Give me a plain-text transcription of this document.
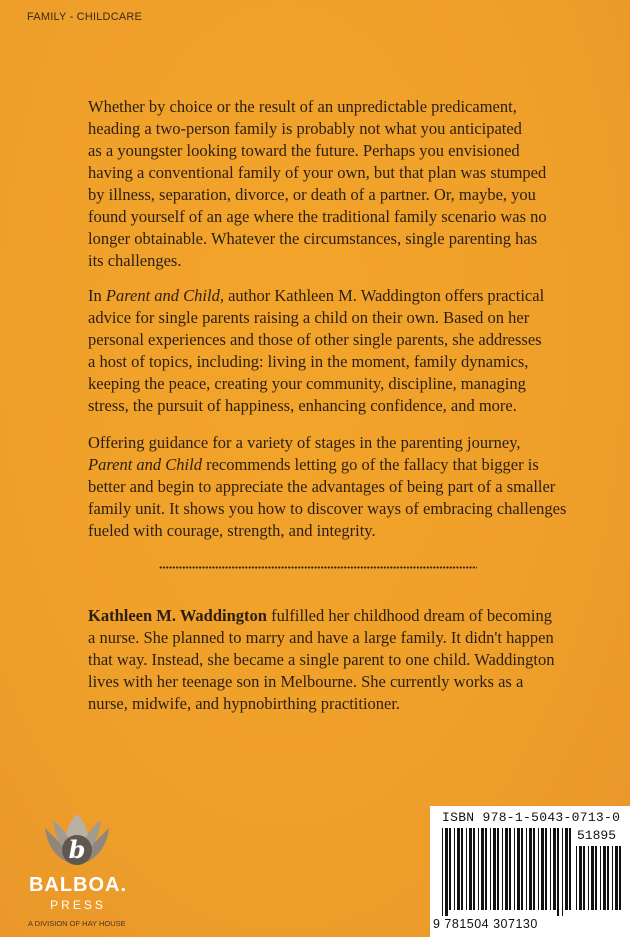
FAMILY - CHILDCARE

Whether by choice or the result of an unpredictable predicament,

heading a two-person family is probably not what you anticipated

as a youngster looking toward the future. Perhaps you envisioned

having a conventional family of your own, but that plan was stumped

by illness, separation, divorce, or death of a partner. Or, maybe, you

found yourself of an age where the traditional family scenario was no

longer obtainable. Whatever the circumstances, single parenting has

its challenges.

In Parent and Child, author Kathleen M. Waddington offers practical

advice for single parents raising a child on their own. Based on her

personal experiences and those of other single parents, she addresses

a host of topics, including: living in the moment, family dynamics,

keeping the peace, creating your community, discipline, managing

stress, the pursuit of happiness, enhancing confidence, and more.

Offering guidance for a variety of stages in the parenting journey,

Parent and Child recommends letting go of the fallacy that bigger is

better and begin to appreciate the advantages of being part of a smaller

family unit. It shows you how to discover ways of embracing challenges

fueled with courage, strength, and integrity.

Kathleen M. Waddington fulfilled her childhood dream of becoming

a nurse. She planned to marry and have a large family. It didn't happen

that way. Instead, she became a single parent to one child. Waddington

lives with her teenage son in Melbourne. She currently works as a

nurse, midwife, and hypnobirthing practitioner.

b
BALBOA.
PRESS
A DIVISION OF HAY HOUSE
ISBN 978-1-5043-0713-0
51895
9 781504 307130
